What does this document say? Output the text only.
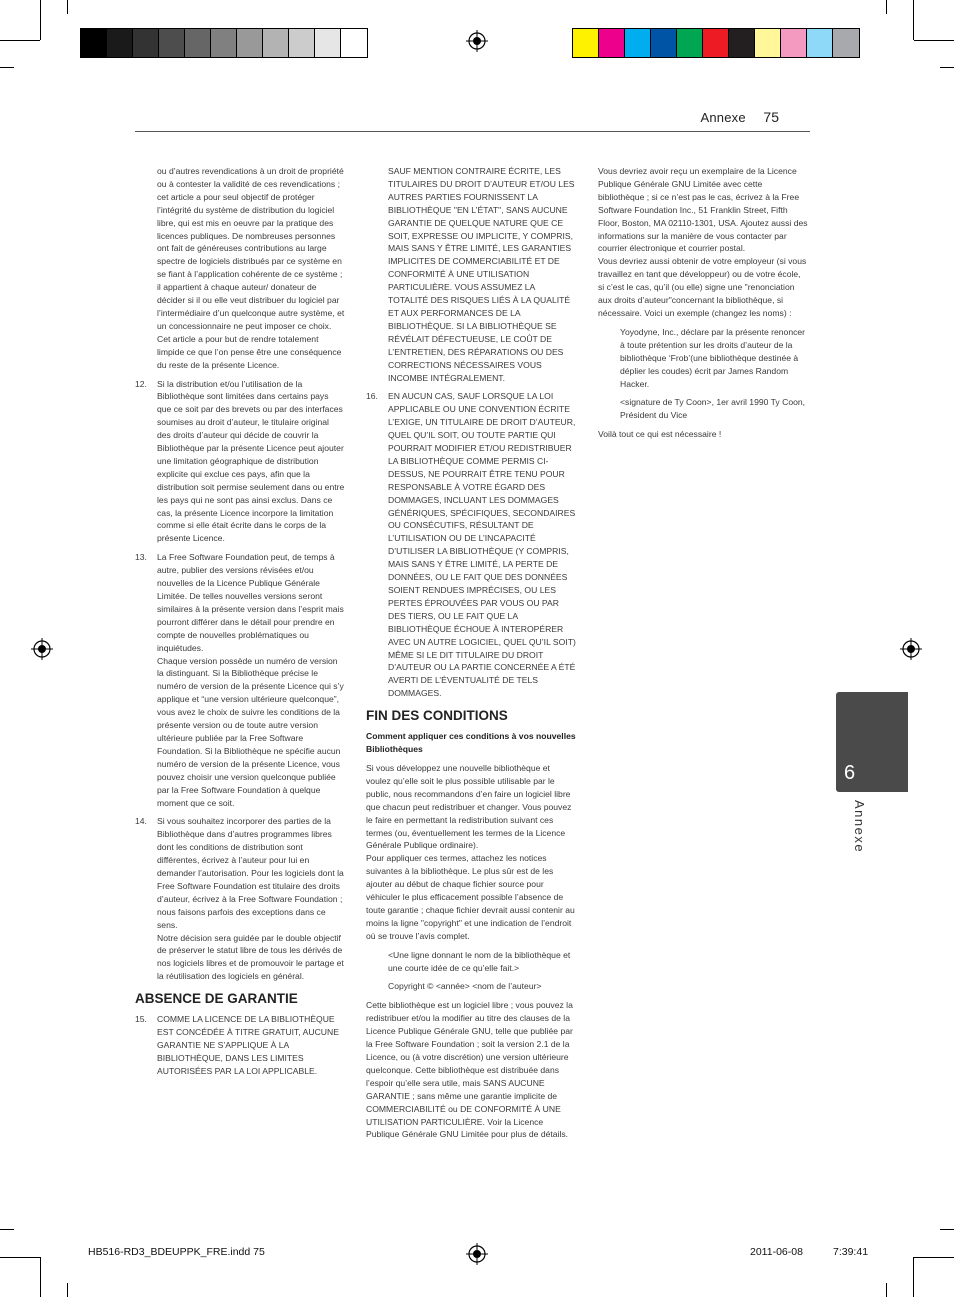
Annexe 75

ou d’autres revendications à un droit de propriété ou à contester la validité de ces revendications ; cet article a pour seul objectif de protéger l’intégrité du système de distribution du logiciel libre, qui est mis en oeuvre par la pratique des licences publiques. De nombreuses personnes ont fait de généreuses contributions au large spectre de logiciels distribués par ce système en se fiant à l’application cohérente de ce système ; il appartient à chaque auteur/ donateur de décider si il ou elle veut distribuer du logiciel par l’intermédiaire d’un quelconque autre système, et un concessionnaire ne peut imposer ce choix.

Cet article a pour but de rendre totalement limpide ce que l’on pense être une conséquence du reste de la présente Licence.

12.	Si la distribution et/ou l’utilisation de la Bibliothèque sont limitées dans certains pays que ce soit par des brevets ou par des interfaces soumises au droit d’auteur, le titulaire original des droits d’auteur qui décide de couvrir la Bibliothèque par la présente Licence peut ajouter une limitation géographique de distribution explicite qui exclue ces pays, afin que la distribution soit permise seulement dans ou entre les pays qui ne sont pas ainsi exclus. Dans ce cas, la présente Licence incorpore la limitation comme si elle était écrite dans le corps de la présente Licence.
13.	La Free Software Foundation peut, de temps à autre, publier des versions révisées et/ou nouvelles de la Licence Publique Générale Limitée. De telles nouvelles versions seront similaires à la présente version dans l’esprit mais pourront différer dans le détail pour prendre en compte de nouvelles problématiques ou inquiétudes.
Chaque version possède un numéro de version la distinguant. Si la Bibliothèque précise le numéro de version de la présente Licence qui s’y applique et “une version ultérieure quelconque”, vous avez le choix de suivre les conditions de la présente version ou de toute autre version ultérieure publiée par la Free Software Foundation. Si la Bibliothèque ne spécifie aucun numéro de version de la présente Licence, vous pouvez choisir une version quelconque publiée par la Free Software Foundation à quelque moment que ce soit.
14.	Si vous souhaitez incorporer des parties de la Bibliothèque dans d’autres programmes libres dont les conditions de distribution sont différentes, écrivez à l’auteur pour lui en demander l’autorisation. Pour les logiciels dont la Free Software Foundation est titulaire des droits d’auteur, écrivez à la Free Software Foundation ; nous faisons parfois des exceptions dans ce sens.
Notre décision sera guidée par le double objectif de préserver le statut libre de tous les dérivés de nos logiciels libres et de promouvoir le partage et la réutilisation des logiciels en général.
ABSENCE DE GARANTIE
15.	COMME LA LICENCE DE LA BIBLIOTHÈQUE EST CONCÉDÉE À TITRE GRATUIT, AUCUNE GARANTIE NE S’APPLIQUE À LA BIBLIOTHÈQUE, DANS LES LIMITES AUTORISÉES PAR LA LOI APPLICABLE.

SAUF MENTION CONTRAIRE ÉCRITE, LES TITULAIRES DU DROIT D’AUTEUR ET/OU LES AUTRES PARTIES FOURNISSENT LA BIBLIOTHÈQUE "EN L’ÉTAT", SANS AUCUNE GARANTIE DE QUELQUE NATURE QUE CE SOIT, EXPRESSE OU IMPLICITE, Y COMPRIS, MAIS SANS Y ÊTRE LIMITÉ, LES GARANTIES IMPLICITES DE COMMERCIABILITÉ ET DE CONFORMITÉ À UNE UTILISATION PARTICULIÈRE. VOUS ASSUMEZ LA TOTALITÉ DES RISQUES LIÉS À LA QUALITÉ ET AUX PERFORMANCES DE LA BIBLIOTHÈQUE. SI LA BIBLIOTHÈQUE SE RÉVÉLAIT DÉFECTUEUSE, LE COÛT DE L’ENTRETIEN, DES RÉPARATIONS OU DES CORRECTIONS NÉCESSAIRES VOUS INCOMBE INTÉGRALEMENT.

16.	EN AUCUN CAS, SAUF LORSQUE LA LOI APPLICABLE OU UNE CONVENTION ÉCRITE L’EXIGE, UN TITULAIRE DE DROIT D’AUTEUR, QUEL QU’IL SOIT, OU TOUTE PARTIE QUI POURRAIT MODIFIER ET/OU REDISTRIBUER LA BIBLIOTHÈQUE COMME PERMIS CI-DESSUS, NE POURRAIT ÊTRE TENU POUR RESPONSABLE À VOTRE ÉGARD DES DOMMAGES, INCLUANT LES DOMMAGES GÉNÉRIQUES, SPÉCIFIQUES, SECONDAIRES OU CONSÉCUTIFS, RÉSULTANT DE L’UTILISATION OU DE L’INCAPACITÉ D’UTILISER LA BIBLIOTHÈQUE (Y COMPRIS, MAIS SANS Y ÊTRE LIMITÉ, LA PERTE DE DONNÉES, OU LE FAIT QUE DES DONNÉES SOIENT RENDUES IMPRÉCISES, OU LES PERTES ÉPROUVÉES PAR VOUS OU PAR DES TIERS, OU LE FAIT QUE LA BIBLIOTHÈQUE ÉCHOUE À INTEROPÉRER AVEC UN AUTRE LOGICIEL, QUEL QU’IL SOIT) MÊME SI LE DIT TITULAIRE DU DROIT D’AUTEUR OU LA PARTIE CONCERNÉE A ÉTÉ AVERTI DE L’ÉVENTUALITÉ DE TELS DOMMAGES.
FIN DES CONDITIONS
Comment appliquer ces conditions à vos nouvelles Bibliothèques

Si vous développez une nouvelle bibliothèque et voulez qu’elle soit le plus possible utilisable par le public, nous recommandons d’en faire un logiciel libre que chacun peut redistribuer et changer. Vous pouvez le faire en permettant la redistribution suivant ces termes (ou, éventuellement les termes de la Licence Générale Publique ordinaire).

Pour appliquer ces termes, attachez les notices suivantes à la bibliothèque. Le plus sûr est de les ajouter au début de chaque fichier source pour véhiculer le plus efficacement possible l’absence de toute garantie ; chaque fichier devrait aussi contenir au moins la ligne "copyright" et une indication de l’endroit où se trouve l’avis complet.

<Une ligne donnant le nom de la bibliothèque et une courte idée de ce qu’elle fait.>

Copyright © <année> <nom de l’auteur>

Cette bibliothèque est un logiciel libre ; vous pouvez la redistribuer et/ou la modifier au titre des clauses de la Licence Publique Générale GNU, telle que publiée par la Free Software Foundation ; soit la version 2.1 de la Licence, ou (à votre discrétion) une version ultérieure quelconque. Cette bibliothèque est distribuée dans l’espoir qu’elle sera utile, mais SANS AUCUNE GARANTIE ; sans même une garantie implicite de COMMERCIABILITÉ ou DE CONFORMITÉ À UNE UTILISATION PARTICULIÈRE. Voir la Licence Publique Générale GNU Limitée pour plus de détails.

Vous devriez avoir reçu un exemplaire de la Licence Publique Générale GNU Limitée avec cette bibliothèque ; si ce n’est pas le cas, écrivez à la Free Software Foundation Inc., 51 Franklin Street, Fifth Floor, Boston, MA 02110-1301, USA. Ajoutez aussi des informations sur la manière de vous contacter par courrier électronique et courrier postal.

Vous devriez aussi obtenir de votre employeur (si vous travaillez en tant que développeur) ou de votre école, si c’est le cas, qu’il (ou elle) signe une "renonciation aux droits d’auteur"concernant la bibliothèque, si nécessaire. Voici un exemple (changez les noms) :

Yoyodyne, Inc., déclare par la présente renoncer à toute prétention sur les droits d’auteur de la bibliothèque ‘Frob’(une bibliothèque destinée à déplier les coudes) écrit par James Random Hacker.

<signature de Ty Coon>, 1er avril 1990 Ty Coon, Président du Vice

Voilà tout ce qui est nécessaire !

6
Annexe
HB516-RD3_BDEUPPK_FRE.indd 75	2011-06-08	7:39:41
